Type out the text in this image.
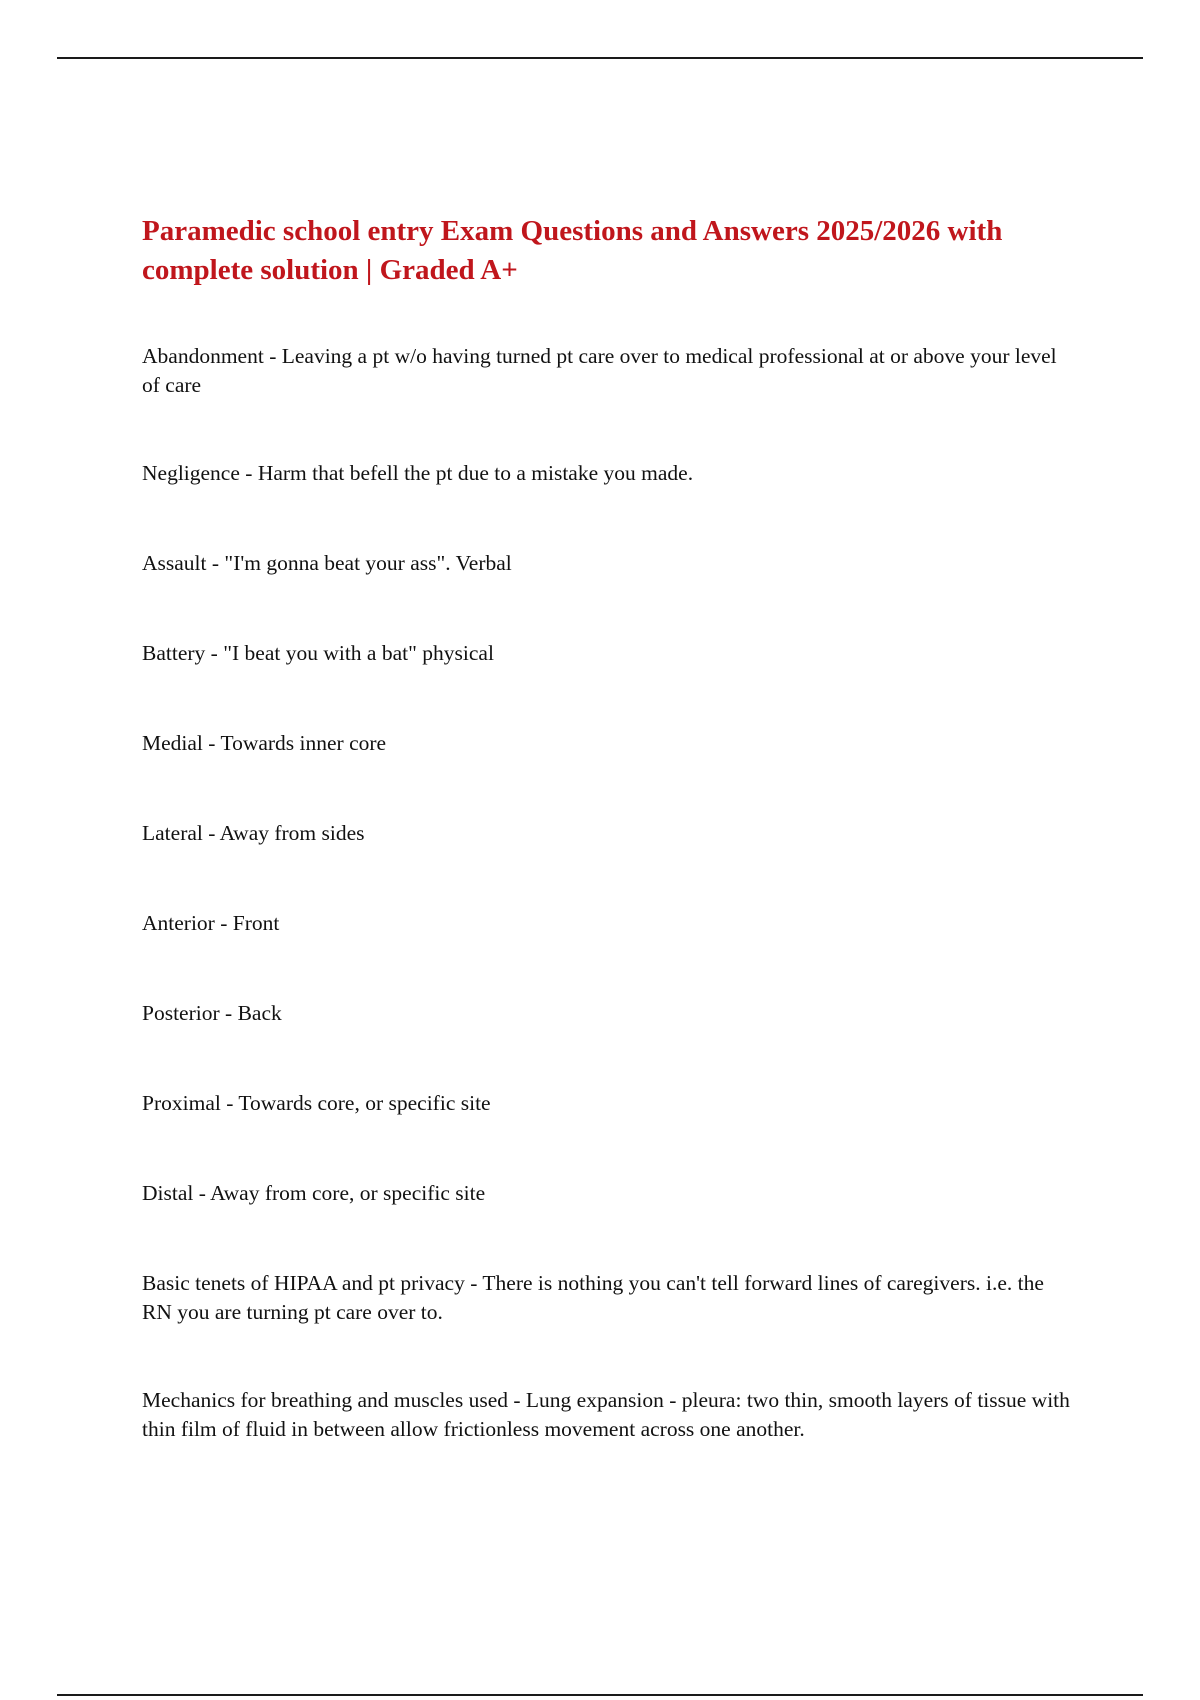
Paramedic school entry Exam Questions and Answers 2025/2026 with complete solution | Graded A+
Abandonment - Leaving a pt w/o having turned pt care over to medical professional at or above your level of care
Negligence - Harm that befell the pt due to a mistake you made.
Assault - "I'm gonna beat your ass". Verbal
Battery - "I beat you with a bat" physical
Medial - Towards inner core
Lateral - Away from sides
Anterior - Front
Posterior - Back
Proximal - Towards core, or specific site
Distal - Away from core, or specific site
Basic tenets of HIPAA and pt privacy - There is nothing you can't tell forward lines of caregivers. i.e. the RN you are turning pt care over to.
Mechanics for breathing and muscles used - Lung expansion - pleura: two thin, smooth layers of tissue with thin film of fluid in between allow frictionless movement across one another.
